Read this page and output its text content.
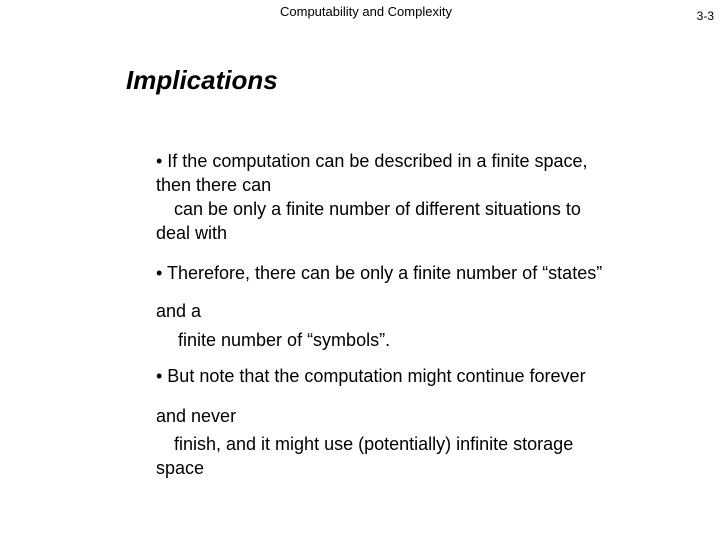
Computability and Complexity	3-3
Implications
• If the computation can be described in a finite space,
then there can
can be only a finite number of different situations to
deal with
• Therefore, there can be only a finite number of “states”
and a
finite number of “symbols”.
• But note that the computation might continue forever
and never
finish, and it might use (potentially) infinite storage
space
